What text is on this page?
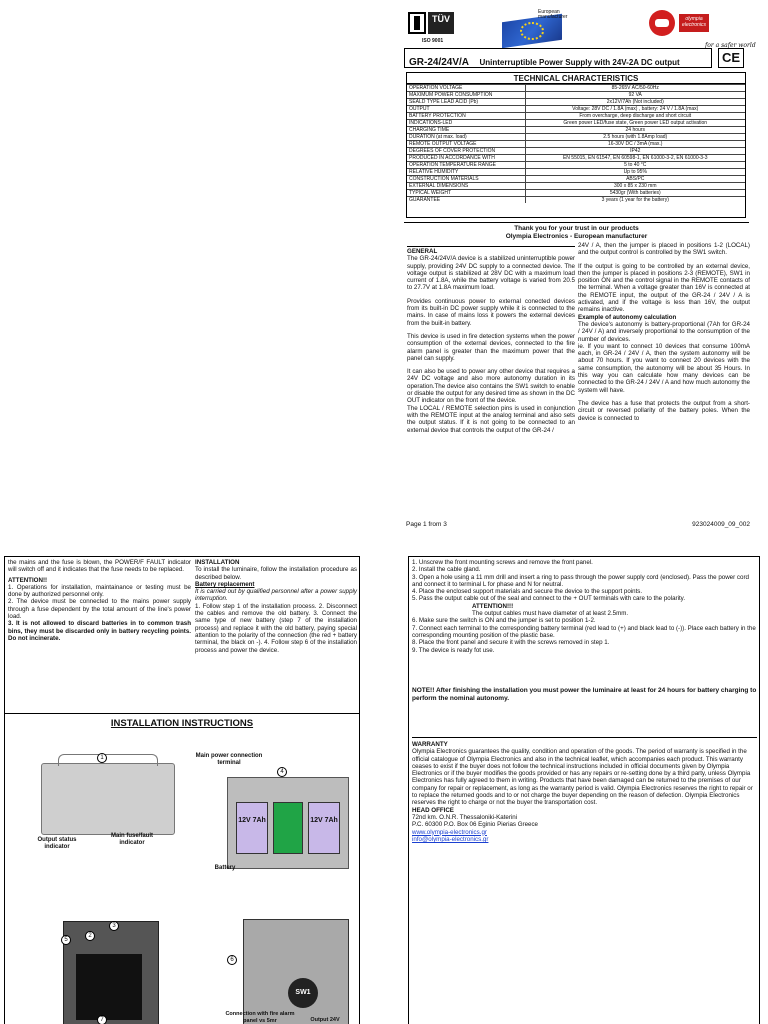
TÜV
ISO 9001
European manufacturer	olympia electronics
for a safer world
GR-24/24V/A Uninterruptible Power Supply with 24V-2A DC output	CE
TECHNICAL CHARACTERISTICS
OPERATION VOLTAGE	85-265V AC/50-60Hz
MAXIMUM POWER CONSUMPTION	92 VA
SEALD TYPE LEAD ACID (Pb)	2x12V/7Ah (Not included)
OUTPUT	Voltage: 28V DC / 1.8A (max) , battery: 24 V / 1.8A (max)
BATTERY PROTECTION	From overcharge, deep discharge and short circuit
INDICATIONS-LED	Green power LED/fuse state, Green power LED output activation
CHARGING TIME	24 hours
DURATION (at max. load)	2.5 hours (with 1.8Amp load)
REMOTE OUTPUT VOLTAGE	16-30V DC / 3mA (max.)
DEGREES OF COVER PROTECTION	IP42
PRODUCED IN ACCORDANCE WITH	EN 55015, EN 61547, EN 60598-1, EN 61000-3-2, EN 61000-3-3
OPERATION TEMPERATURE RANGE	5 to 40 °C
RELATIVE HUMIDITY	Up to 95%
CONSTRUCTION MATERIALS	ABS/PC
EXTERNAL DIMENSIONS	300 x 85 x 230 mm
TYPICAL WEIGHT	5430gr (With batteries)
GUARANTEE	3 years (1 year for the battery)
Thank you for your trust in our products
Olympia Electronics - European manufacturer
GENERAL

The GR-24/24V/A device is a stabilized uninterruptible power supply, providing 24V DC supply to a connected device. The voltage output is stabilized at 28V DC with a maximum load current of 1.8A, while the battery voltage is varied from 20.5 to 27.7V at 1.8A maximum load.

Provides continuous power to external conected devices from its built-in DC power supply while it is connected to the mains. In case of mains loss it powers the external devices from the built-in battery.

This device is used in fire detection systems when the power consumption of the external devices, connected to the fire alarm panel is greater than the maximum power that the panel can supply.

It can also be used to power any other device that requires a 24V DC voltage and also more autonomy duration in its operation.The device also contains the SW1 switch to enable or disable the output for any desired time as shown in the DC OUT indicator on the front of the device.

The LOCAL / REMOTE selection pins is used in conjunction with the REMOTE input at the analog terminal and also sets the output status. If it is not going to be connected to an external device that controls the output of the GR-24 /

24V / A, then the jumper is placed in positions 1-2 (LOCAL) and the output control is controlled by the SW1 switch.

If the output is going to be controlled by an external device, then the jumper is placed in positions 2-3 (REMOTE), SW1 in position ON and the control signal in the REMOTE contacts of the terminal. When a voltage greater than 16V is connected at the REMOTE input, the output of the GR-24 / 24V / A is activated, and if the voltage is less than 16V, the output remains inactive.

Example of autonomy calculation

The device's autonomy is battery-proportional (7Ah for GR-24 / 24V / A) and inversely proportional to the consumption of the number of devices.

ie. If you want to connect 10 devices that consume 100mA each, in GR-24 / 24V / A, then the system autonomy will be about 70 hours. If you want to connect 20 devices with the same consumption, the autonomy will be about 35 Hours. In this way you can calculate how many devices can be connected to the GR-24 / 24V / A and how much autonomy the system will have.

The device has a fuse that protects the output from a short-circuit or reversed pollarity of the battery poles. When the device is connected to

Page 1 from 3	923024009_09_002

the mains and the fuse is blown, the POWER/F FAULT indicator will switch off and it indicates that the fuse needs to be replaced.

ATTENTION!!

1. Operations for installation, maintainance or testing must be done by authorized personnel only.

2. The device must be connected to the mains power supply through a fuse dependent by the total amount of the line's power load.

3. It is not allowed to discard batteries in to common trash bins, they must be discarded only in battery recycling points. Do not incinerate.

INSTALLATION

To install the luminaire, follow the installation procedure as described below.

Battery replacement
It is carried out by qualified personnel after a power supply interruption.

1. Follow step 1 of the installation process. 2. Disconnect the cables and remove the old battery. 3. Connect the same type of new battery (step 7 of the installation process) and replace it with the old battery, paying special attention to the polarity of the connection (the red + battery terminal, the black on -). 4. Follow step 6 of the installation process and power the device.

INSTALLATION INSTRUCTIONS
1
Output status indicator
Main fuse/fault indicator
Main power connection terminal
4
12V 7Ah	12V 7Ah
Battery
5
2
3
7
SW1
6
Connection with fire alarm panel vs 5mr	Output 24V
1. Unscrew the front mounting screws and remove the front panel.
2. Install the cable gland.
3. Open a hole using a 11 mm drill and insert a ring to pass through the power supply cord (enclosed). Pass the power cord and connect it to terminal L for phase and N for neutral.
4. Place the enclosed support materials and secure the device to the support points.
5. Pass the output cable out of the seal and connect to the + OUT terminals with care to the polarity.
ATTENTION!!!
The output cables must have diameter of at least 2.5mm.
6. Make sure the switch is ON and the jumper is set to position 1-2.
7. Connect each terminal to the corresponding battery terminal (red lead to (+) and black lead to (-)). Place each battery in the corresponding mounting position of the plastic base.
8. Place the front panel and secure it with the screws removed in step 1.
9. The device is ready fot use.
NOTE!! After finishing the installation you must power the luminaire at least for 24 hours for battery charging to perform the nominal autonomy.
WARRANTY
Olympia Electronics guarantees the quality, condition and operation of the goods. The period of warranty is specified in the official catalogue of Olympia Electronics and also in the technical leaflet, which accompanies each product. This warranty ceases to exist if the buyer does not follow the technical instructions included in official documents given by Olympia Electronics or if the buyer modifies the goods provided or has any repairs or re-setting done by a third party, unless Olympia Electronics has fully agreed to them in writing. Products that have been damaged can be returned to the premises of our company for repair or replacement, as long as the warranty period is valid. Olympia Electronics reserves the right to repair or to replace the returned goods and to or not charge the buyer depending on the reason of defection. Olympia Electronics reserves the right to charge or not the buyer the transportation cost.
HEAD OFFICE
72nd km. O.N.R. Thessaloniki-Katerini
P.C. 60300 P.O. Box 06 Eginio Pierias Greece
www.olympia-electronics.gr
info@olympia-electronics.gr
